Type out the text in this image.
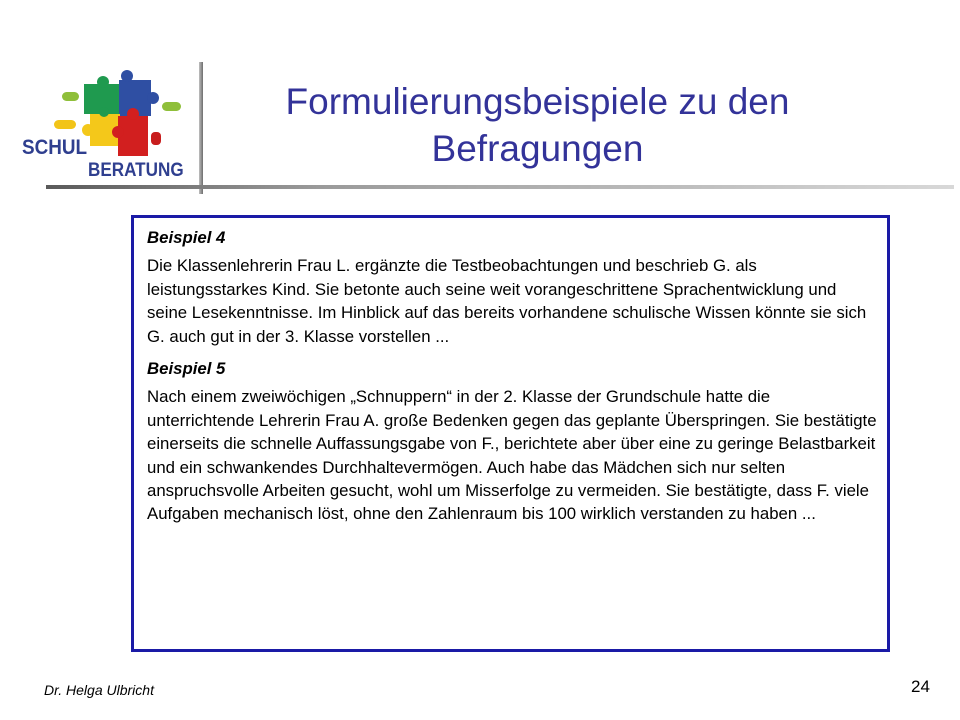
SCHUL
BERATUNG
Formulierungsbeispiele zu den Befragungen
Beispiel 4
Die Klassenlehrerin Frau L. ergänzte die Testbeobachtungen und beschrieb G. als leistungsstarkes Kind. Sie betonte auch seine weit vorangeschrittene Sprachentwicklung und seine Lesekenntnisse. Im Hinblick auf das bereits vorhandene schulische Wissen könnte sie sich G. auch gut in der 3. Klasse vorstellen ...
Beispiel 5
Nach einem zweiwöchigen „Schnuppern“ in der 2. Klasse der Grundschule hatte die unterrichtende Lehrerin Frau A. große Bedenken gegen das geplante Überspringen. Sie bestätigte einerseits die schnelle Auffassungsgabe von F., berichtete aber über eine zu geringe Belastbarkeit und ein schwankendes Durchhaltevermögen. Auch habe das Mädchen sich nur selten anspruchsvolle Arbeiten gesucht, wohl um Misserfolge zu vermeiden. Sie bestätigte, dass F. viele Aufgaben mechanisch löst, ohne den Zahlenraum bis 100 wirklich verstanden zu haben ...
Dr. Helga Ulbricht	24
